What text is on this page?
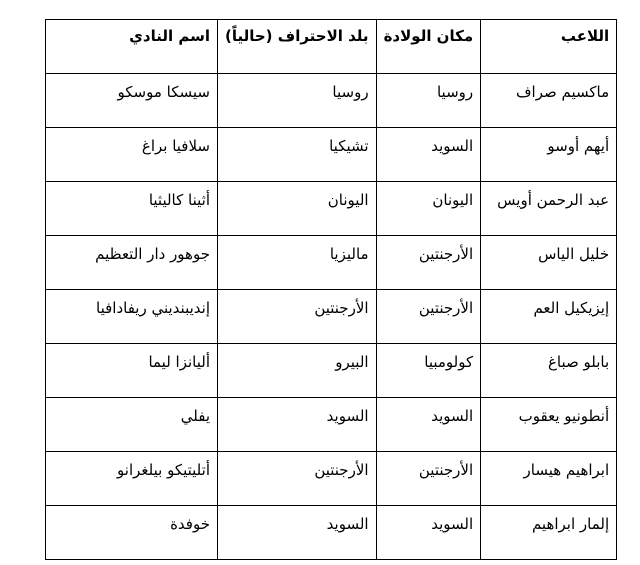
اللاعب	مكان الولادة	بلد الاحتراف (حالياً)	اسم النادي
ماكسيم صراف	روسيا	روسيا	سيسكا موسكو
أيهم أوسو	السويد	تشيكيا	سلافيا براغ
عبد الرحمن أويس	اليونان	اليونان	أثينا كاليثيا
خليل الياس	الأرجنتين	ماليزيا	جوهور دار التعظيم
إيزيكيل العم	الأرجنتين	الأرجنتين	إنديبنديني ريفادافيا
بابلو صباغ	كولومبيا	البيرو	أليانزا ليما
أنطونيو يعقوب	السويد	السويد	يفلي
ابراهيم هيسار	الأرجنتين	الأرجنتين	أتليتيكو بيلغرانو
إلمار ابراهيم	السويد	السويد	خوفدة
